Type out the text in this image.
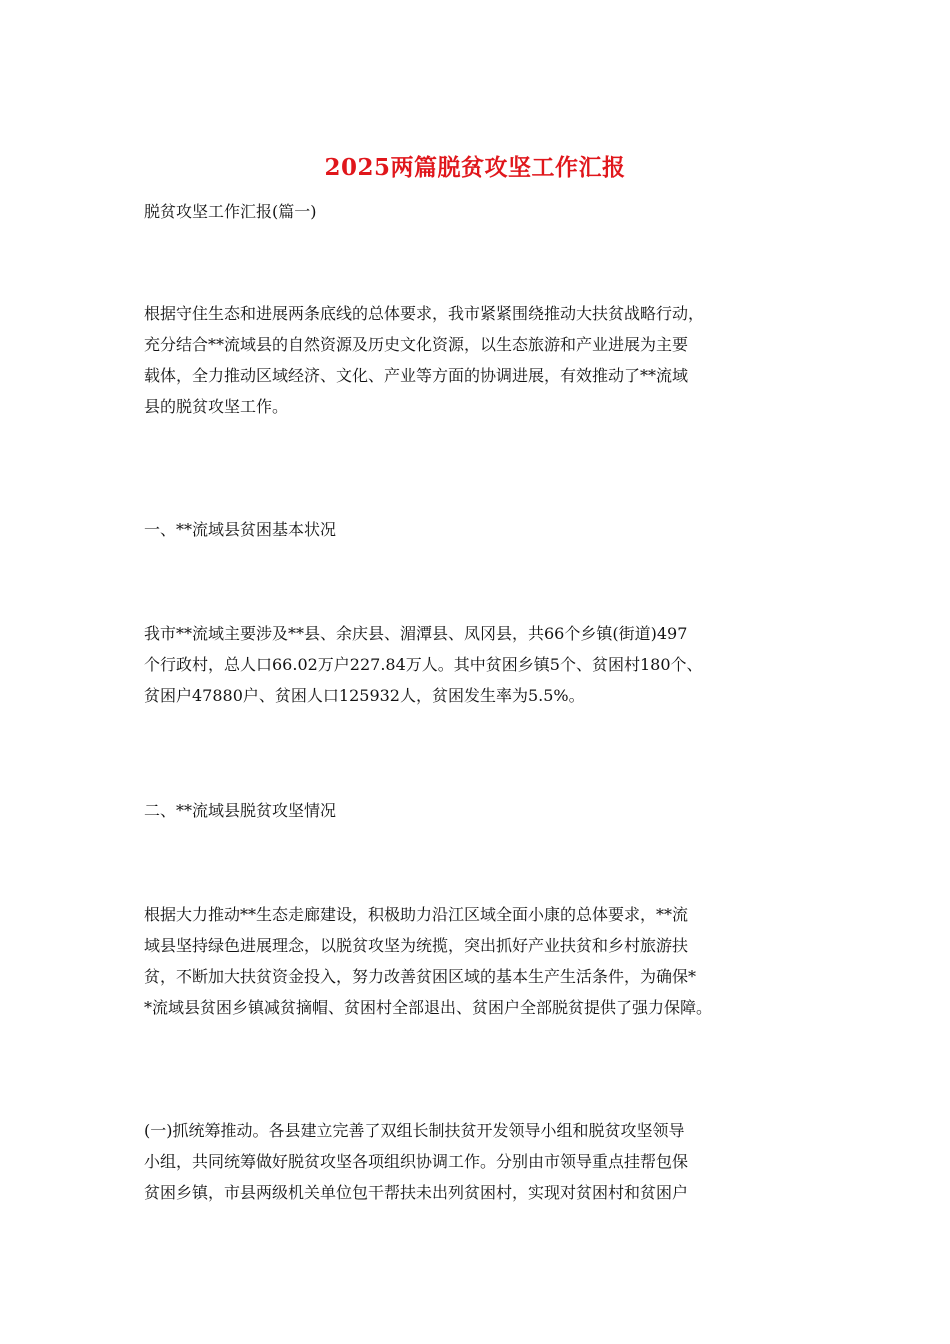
2025两篇脱贫攻坚工作汇报

脱贫攻坚工作汇报(篇一)

根据守住生态和进展两条底线的总体要求，我市紧紧围绕推动大扶贫战略行动，
充分结合**流域县的自然资源及历史文化资源，以生态旅游和产业进展为主要
载体，全力推动区域经济、文化、产业等方面的协调进展，有效推动了**流域
县的脱贫攻坚工作。

一、**流域县贫困基本状况

我市**流域主要涉及**县、余庆县、湄潭县、凤冈县，共66个乡镇(街道)497
个行政村，总人口66.02万户227.84万人。其中贫困乡镇5个、贫困村180个、
贫困户47880户、贫困人口125932人，贫困发生率为5.5%。

二、**流域县脱贫攻坚情况

根据大力推动**生态走廊建设，积极助力沿江区域全面小康的总体要求，**流
域县坚持绿色进展理念，以脱贫攻坚为统揽，突出抓好产业扶贫和乡村旅游扶
贫，不断加大扶贫资金投入，努力改善贫困区域的基本生产生活条件，为确保*
*流域县贫困乡镇减贫摘帽、贫困村全部退出、贫困户全部脱贫提供了强力保障。
(一)抓统筹推动。各县建立完善了双组长制扶贫开发领导小组和脱贫攻坚领导
小组，共同统筹做好脱贫攻坚各项组织协调工作。分别由市领导重点挂帮包保
贫困乡镇，市县两级机关单位包干帮扶未出列贫困村，实现对贫困村和贫困户
